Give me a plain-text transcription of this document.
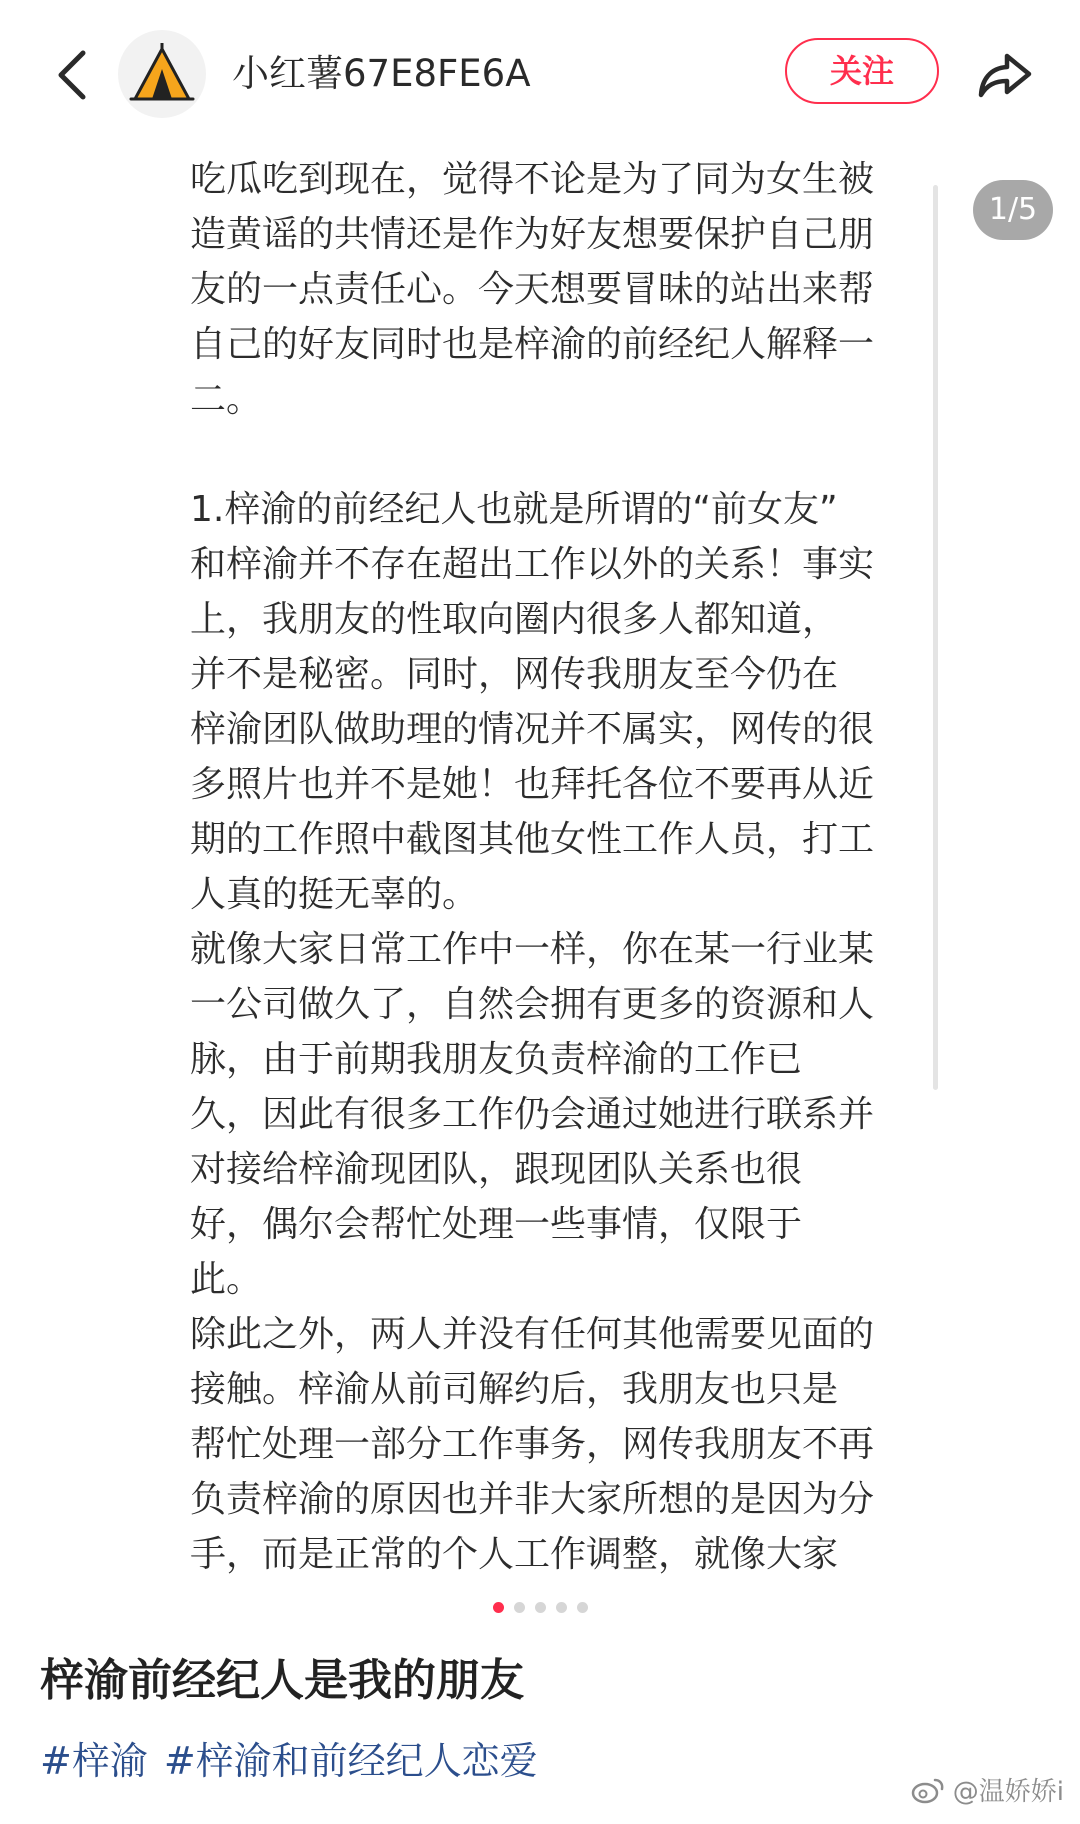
小红薯67E8FE6A	关注

吃瓜吃到现在，觉得不论是为了同为女生被

造黄谣的共情还是作为好友想要保护自己朋

友的一点责任心。今天想要冒昧的站出来帮

自己的好友同时也是梓渝的前经纪人解释一

二。

1.梓渝的前经纪人也就是所谓的“前女友”

和梓渝并不存在超出工作以外的关系！事实

上，我朋友的性取向圈内很多人都知道，

并不是秘密。同时，网传我朋友至今仍在

梓渝团队做助理的情况并不属实，网传的很

多照片也并不是她！也拜托各位不要再从近

期的工作照中截图其他女性工作人员，打工

人真的挺无辜的。

就像大家日常工作中一样，你在某一行业某

一公司做久了，自然会拥有更多的资源和人

脉，由于前期我朋友负责梓渝的工作已

久，因此有很多工作仍会通过她进行联系并

对接给梓渝现团队，跟现团队关系也很

好，偶尔会帮忙处理一些事情，仅限于

此。

除此之外，两人并没有任何其他需要见面的

接触。梓渝从前司解约后，我朋友也只是

帮忙处理一部分工作事务，网传我朋友不再

负责梓渝的原因也并非大家所想的是因为分

手，而是正常的个人工作调整，就像大家

1/5
梓渝前经纪人是我的朋友
#梓渝 #梓渝和前经纪人恋爱
@温娇娇i
